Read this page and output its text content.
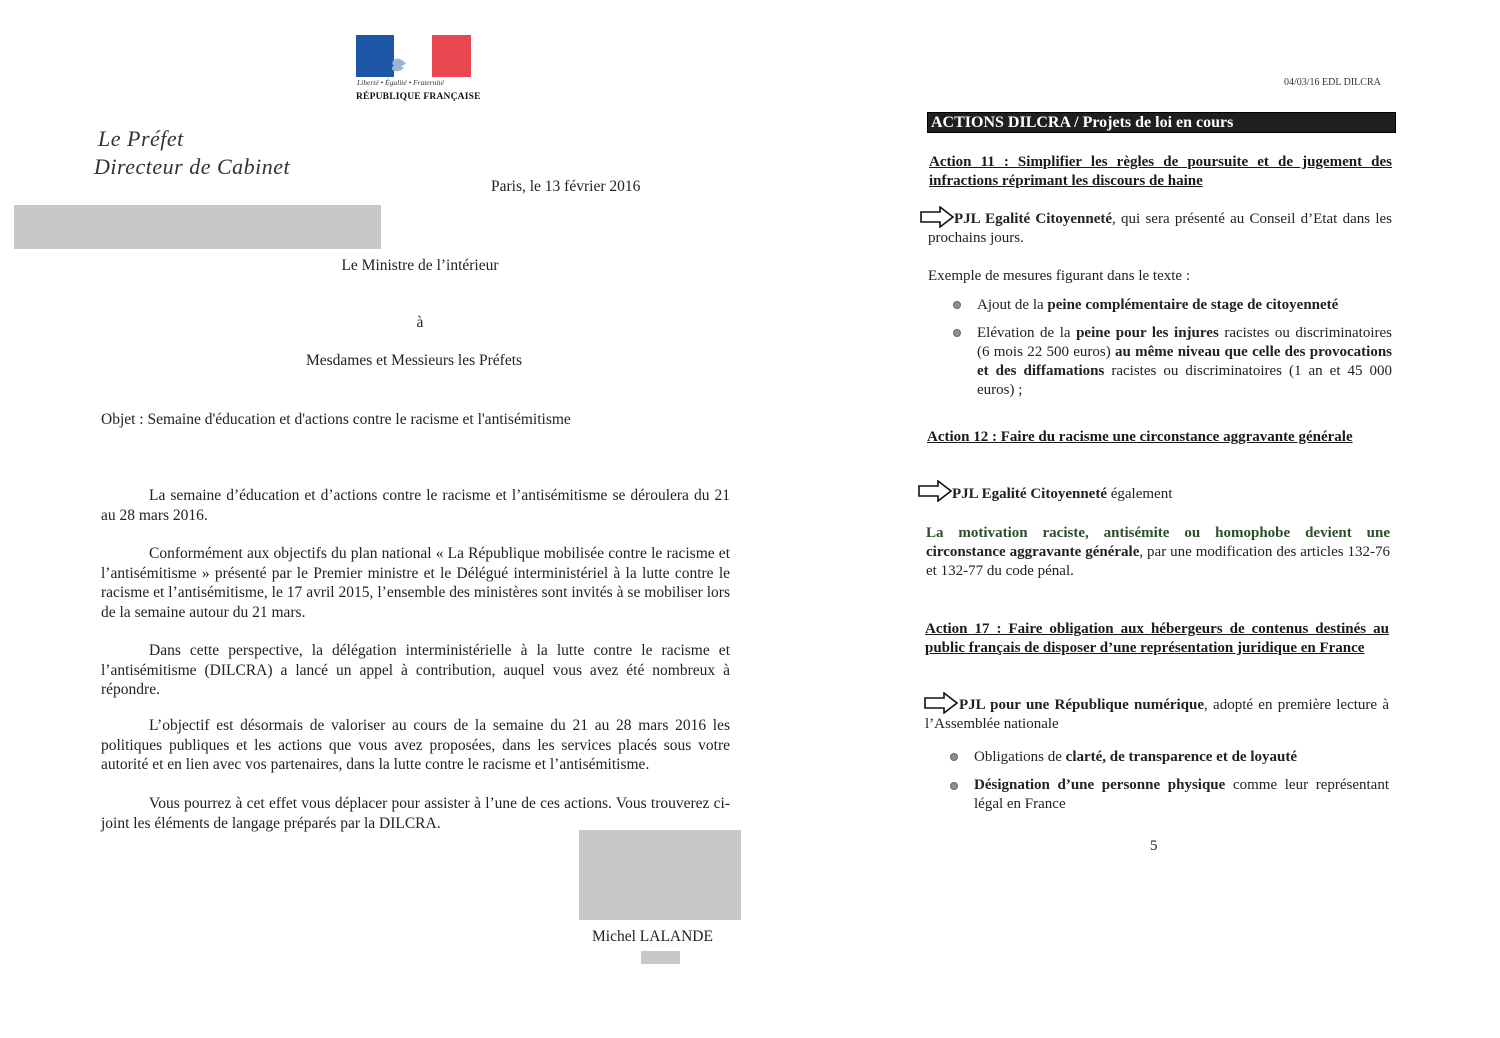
Liberté • Égalité • Fraternité
RÉPUBLIQUE FRANÇAISE
Le Préfet
Directeur de Cabinet
Paris, le 13 février 2016
Le Ministre de l’intérieur
à
Mesdames et Messieurs les Préfets
Objet : Semaine d'éducation et d'actions contre le racisme et l'antisémitisme
La semaine d’éducation et d’actions contre le racisme et l’antisémitisme se déroulera du 21 au 28 mars 2016.
Conformément aux objectifs du plan national « La République mobilisée contre le racisme et l’antisémitisme » présenté par le Premier ministre et le Délégué interministériel à la lutte contre le racisme et l’antisémitisme, le 17 avril 2015, l’ensemble des ministères sont invités à se mobiliser lors de la semaine autour du 21 mars.
Dans cette perspective, la délégation interministérielle à la lutte contre le racisme et l’antisémitisme (DILCRA) a lancé un appel à contribution, auquel vous avez été nombreux à répondre.
L’objectif est désormais de valoriser au cours de la semaine du 21 au 28 mars 2016 les politiques publiques et les actions que vous avez proposées, dans les services placés sous votre autorité et en lien avec vos partenaires, dans la lutte contre le racisme et l’antisémitisme.
Vous pourrez à cet effet vous déplacer pour assister à l’une de ces actions. Vous trouverez ci-joint les éléments de langage préparés par la DILCRA.
Michel LALANDE
04/03/16 EDL DILCRA
ACTIONS DILCRA / Projets de loi en cours
Action 11 : Simplifier les règles de poursuite et de jugement des infractions réprimant les discours de haine
PJL Egalité Citoyenneté, qui sera présenté au Conseil d’Etat dans les prochains jours.
Exemple de mesures figurant dans le texte :
Ajout de la peine complémentaire de stage de citoyenneté
Elévation de la peine pour les injures racistes ou discriminatoires (6 mois 22 500 euros) au même niveau que celle des provocations et des diffamations racistes ou discriminatoires (1 an et 45 000 euros) ;
Action 12 : Faire du racisme une circonstance aggravante générale
PJL Egalité Citoyenneté également
La motivation raciste, antisémite ou homophobe devient une circonstance aggravante générale, par une modification des articles 132-76 et 132-77 du code pénal.
Action 17 : Faire obligation aux hébergeurs de contenus destinés au public français de disposer d’une représentation juridique en France
PJL pour une République numérique, adopté en première lecture à l’Assemblée nationale
Obligations de clarté, de transparence et de loyauté
Désignation d’une personne physique comme leur représentant légal en France
5
